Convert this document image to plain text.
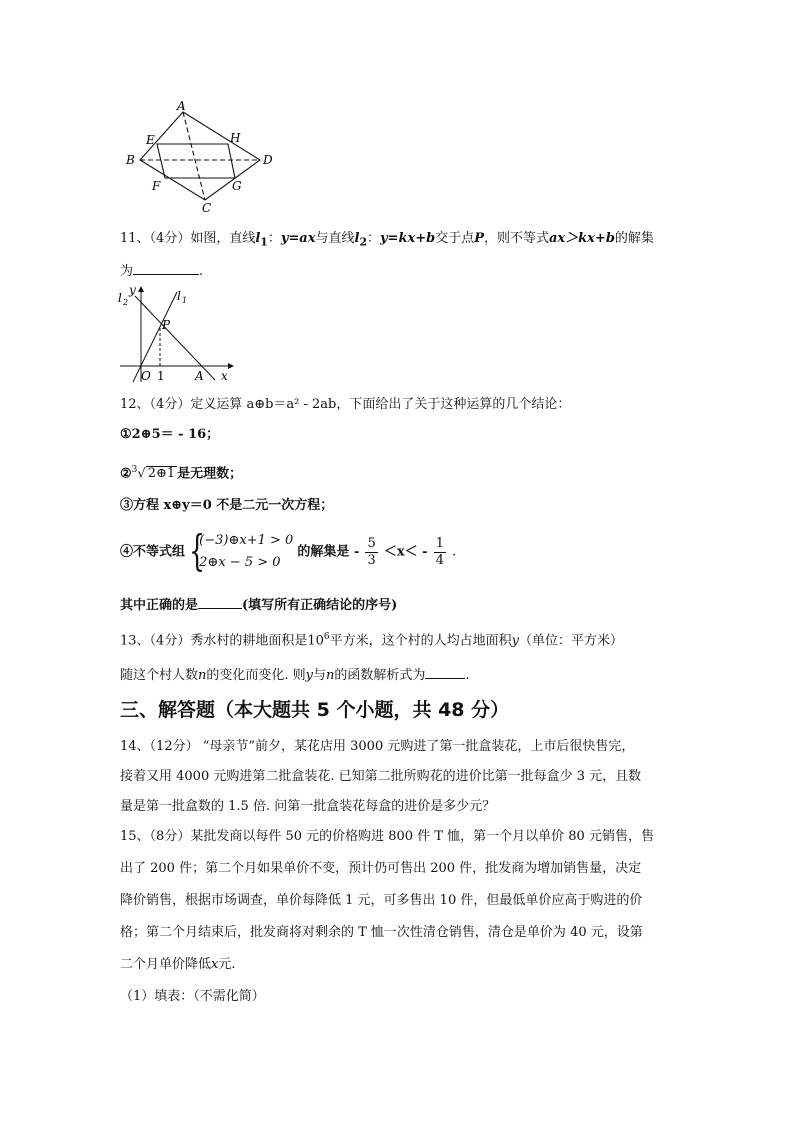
A
B
C
D
E
F	G
H
11、（4分）如图，直线$l_1$：y=ax与直线$l_2$：y=kx+b交于点P，则不等式ax＞kx+b的解集
为	.
y
l 2	l 1
P
O 1	A x
12、（4分）定义运算 a⊕b＝a² - 2ab，下面给出了关于这种运算的几个结论：
①2⊕5＝ - 16；
②$^3$√ 2⊕1 是无理数；
③方程 x⊕y＝0 不是二元一次方程；
④不等式组 {
(−3)⊕x+1 > 0
2⊕x − 5 > 0
的解集是 - $\frac{5}{3} <x< - \frac{1}{4}$ .
其中正确的是	(填写所有正确结论的序号)
13、（4分）秀水村的耕地面积是$10^6$平方米，这个村的人均占地面积y（单位：平方米）
随这个村人数n的变化而变化. 则y与n的函数解析式为	.
三、解答题（本大题共 5 个小题，共 48 分）
14、（12分） “母亲节”前夕，某花店用 3000 元购进了第一批盒装花，上市后很快售完，
接着又用 4000 元购进第二批盒装花. 已知第二批所购花的进价比第一批每盒少 3 元，且数
量是第一批盒数的 1.5 倍. 问第一批盒装花每盒的进价是多少元？
15、（8分）某批发商以每件 50 元的价格购进 800 件 T 恤，第一个月以单价 80 元销售，售
出了 200 件；第二个月如果单价不变，预计仍可售出 200 件，批发商为增加销售量，决定
降价销售，根据市场调查，单价每降低 1 元，可多售出 10 件，但最低单价应高于购进的价
格；第二个月结束后，批发商将对剩余的 T 恤一次性清仓销售，清仓是单价为 40 元，设第
二个月单价降低x元.
（1）填表：（不需化简）
